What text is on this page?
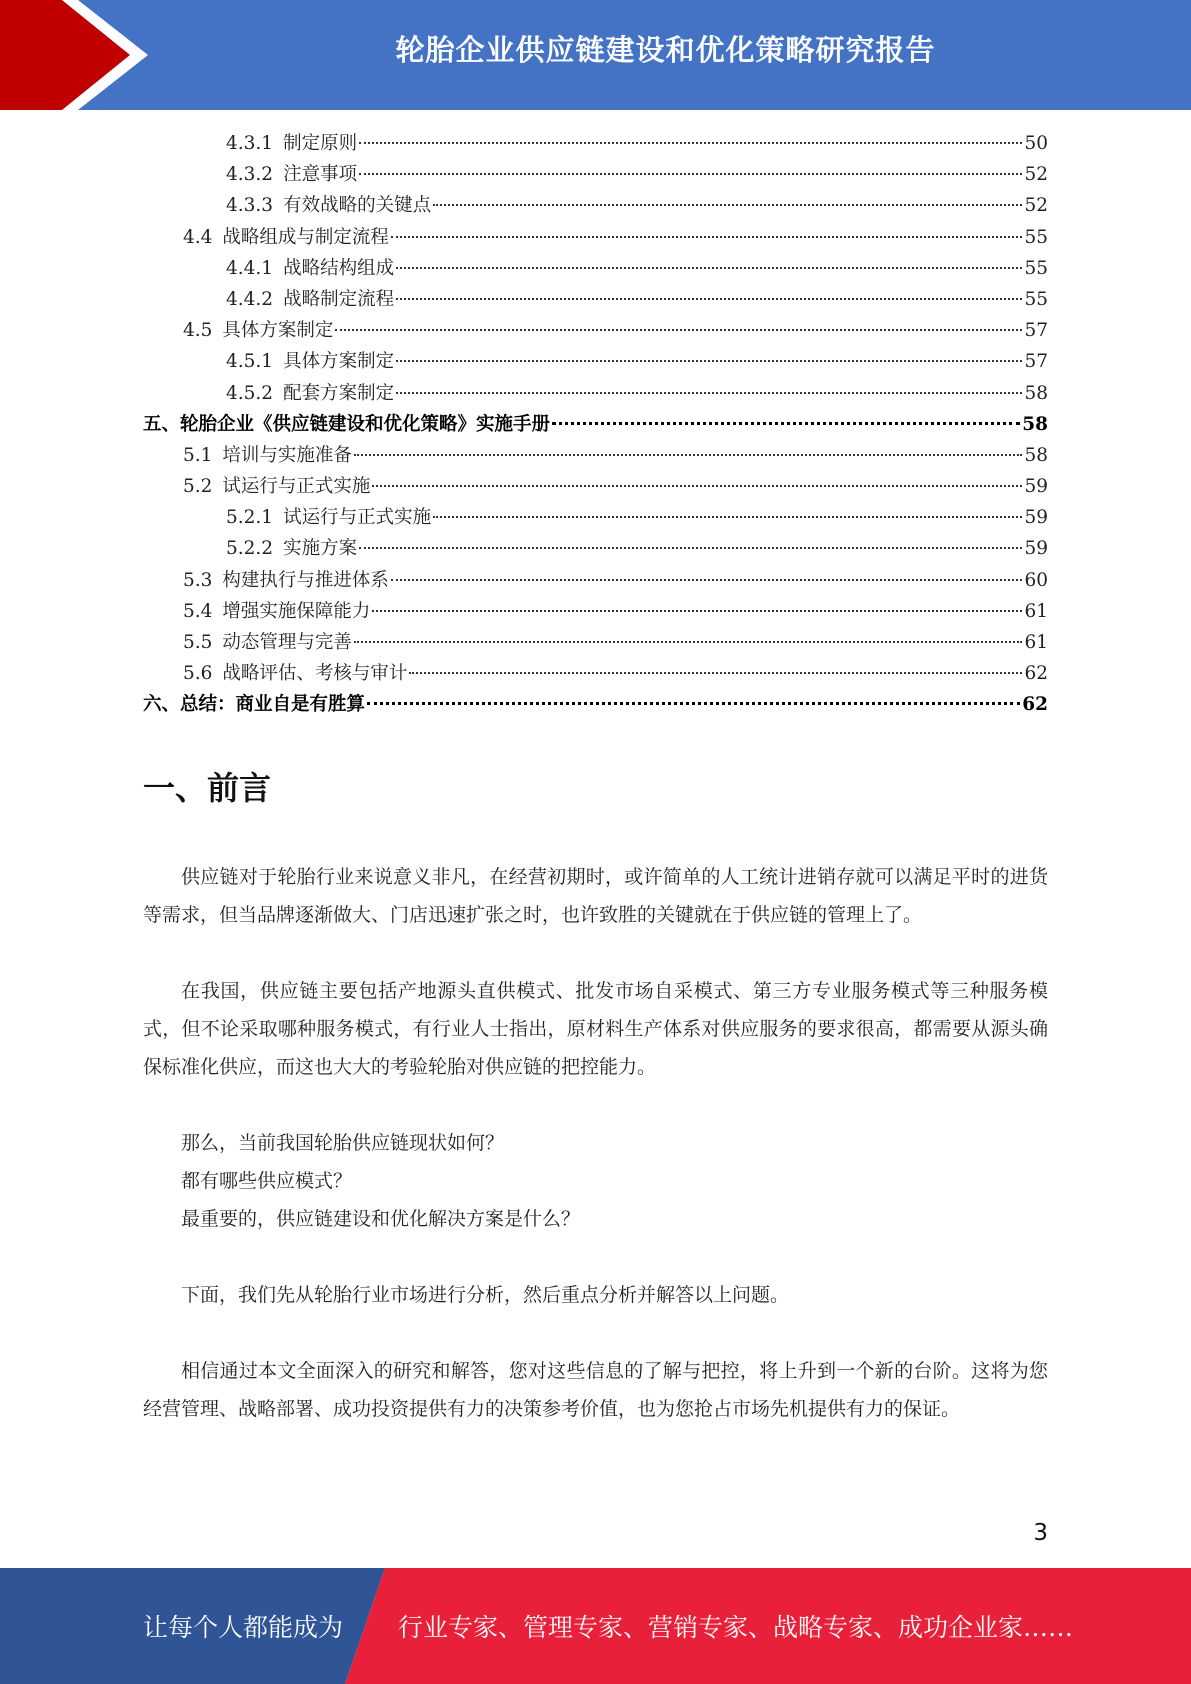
轮胎企业供应链建设和优化策略研究报告
4.3.1 制定原则	50
4.3.2 注意事项	52
4.3.3 有效战略的关键点	52
4.4 战略组成与制定流程	55
4.4.1 战略结构组成	55
4.4.2 战略制定流程	55
4.5 具体方案制定	57
4.5.1 具体方案制定	57
4.5.2 配套方案制定	58
五、轮胎企业《供应链建设和优化策略》实施手册	58
5.1 培训与实施准备	58
5.2 试运行与正式实施	59
5.2.1 试运行与正式实施	59
5.2.2 实施方案	59
5.3 构建执行与推进体系	60
5.4 增强实施保障能力	61
5.5 动态管理与完善	61
5.6 战略评估、考核与审计	62
六、总结：商业自是有胜算	62
一、前言

供应链对于轮胎行业来说意义非凡，在经营初期时，或许简单的人工统计进销存就可以满足平时的进货等需求，但当品牌逐渐做大、门店迅速扩张之时，也许致胜的关键就在于供应链的管理上了。

在我国，供应链主要包括产地源头直供模式、批发市场自采模式、第三方专业服务模式等三种服务模式，但不论采取哪种服务模式，有行业人士指出，原材料生产体系对供应服务的要求很高，都需要从源头确保标准化供应，而这也大大的考验轮胎对供应链的把控能力。

那么，当前我国轮胎供应链现状如何？

都有哪些供应模式？

最重要的，供应链建设和优化解决方案是什么？

下面，我们先从轮胎行业市场进行分析，然后重点分析并解答以上问题。

相信通过本文全面深入的研究和解答，您对这些信息的了解与把控，将上升到一个新的台阶。这将为您经营管理、战略部署、成功投资提供有力的决策参考价值，也为您抢占市场先机提供有力的保证。

3
让每个人都能成为 行业专家、管理专家、营销专家、战略专家、成功企业家……
